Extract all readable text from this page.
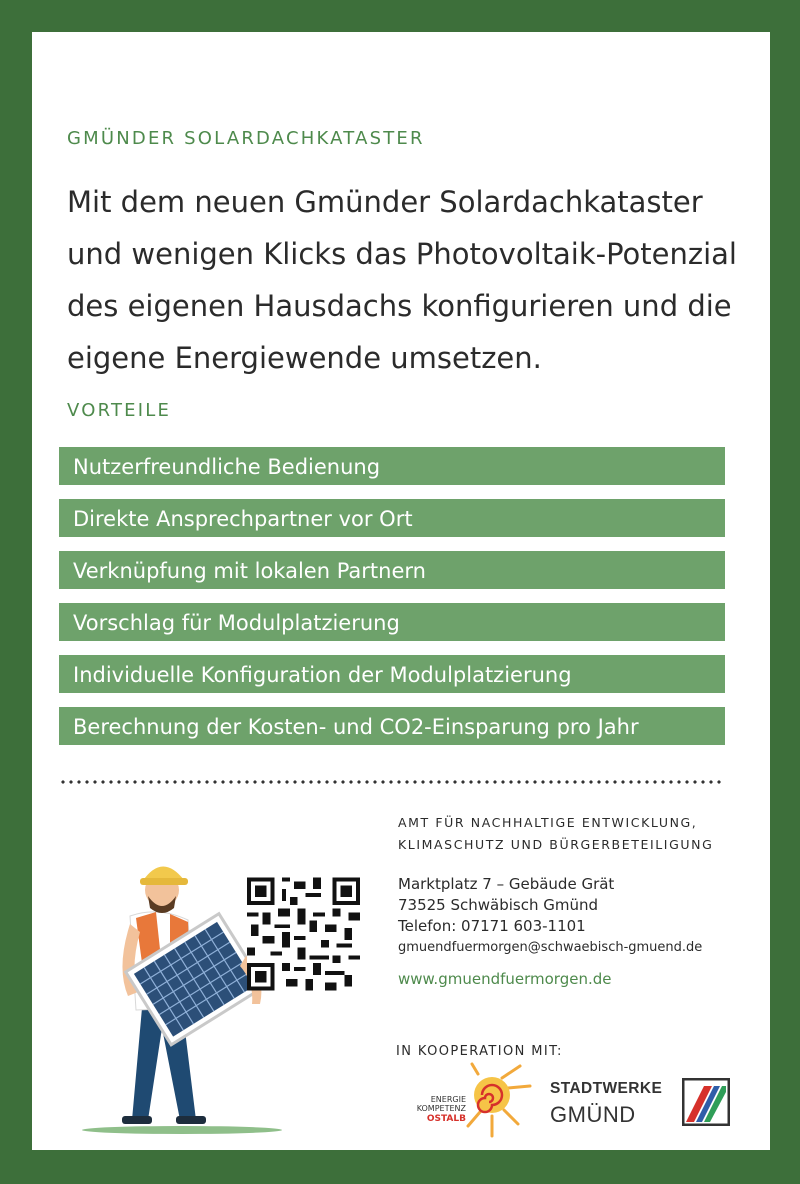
GMÜNDER SOLARDACHKATASTER
Mit dem neuen Gmünder Solardachkataster
und wenigen Klicks das Photovoltaik-Potenzial
des eigenen Hausdachs konfigurieren und die
eigene Energiewende umsetzen.
VORTEILE
Nutzerfreundliche Bedienung
Direkte Ansprechpartner vor Ort
Verknüpfung mit lokalen Partnern
Vorschlag für Modulplatzierung
Individuelle Konfiguration der Modulplatzierung
Berechnung der Kosten- und CO2-Einsparung pro Jahr
AMT FÜR NACHHALTIGE ENTWICKLUNG,
KLIMASCHUTZ UND BÜRGERBETEILIGUNG
Marktplatz 7 – Gebäude Grät
73525 Schwäbisch Gmünd
Telefon: 07171 603-1101
gmuendfuermorgen@schwaebisch-gmuend.de
www.gmuendfuermorgen.de
IN KOOPERATION MIT:
ENERGIE
KOMPETENZ
OSTALB
STADTWERKE
GMÜND
